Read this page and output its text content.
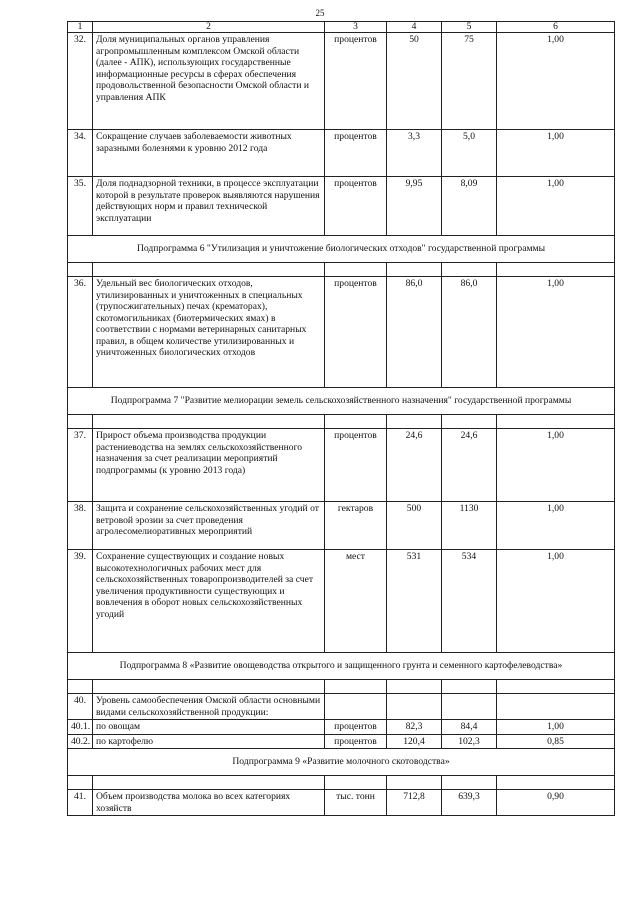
25
1	2	3	4	5	6
32.	Доля муниципальных органов управления агропромышленным комплексом Омской области (далее - АПК), использующих государственные информационные ресурсы в сферах обеспечения продовольственной безопасности Омской области и управления АПК	процентов	50	75	1,00
34.	Сокращение случаев заболеваемости животных заразными болезнями к уровню 2012 года	процентов	3,3	5,0	1,00
35.	Доля поднадзорной техники, в процессе эксплуатации которой в результате проверок выявляются нарушения действующих норм и правил технической эксплуатации	процентов	9,95	8,09	1,00
Подпрограмма 6 "Утилизация и уничтожение биологических отходов" государственной программы					

36.	Удельный вес биологических отходов, утилизированных и уничтоженных в специальных (трупосжигательных) печах (крематорах), скотомогильниках (биотермических ямах) в соответствии с нормами ветеринарных санитарных правил, в общем количестве утилизированных и уничтоженных биологических отходов	процентов	86,0	86,0	1,00
Подпрограмма 7 "Развитие мелиорации земель сельскохозяйственного назначения" государственной программы					

37.	Прирост объема производства продукции растениеводства на землях сельскохозяйственного назначения за счет реализации мероприятий подпрограммы (к уровню 2013 года)	процентов	24,6	24,6	1,00
38.	Защита и сохранение сельскохозяйственных угодий от ветровой эрозии за счет проведения агролесомелиоративных мероприятий	гектаров	500	1130	1,00
39.	Сохранение существующих и создание новых высокотехнологичных рабочих мест для сельскохозяйственных товаропроизводителей за счет увеличения продуктивности существующих и вовлечения в оборот новых сельскохозяйственных угодий	мест	531	534	1,00
Подпрограмма 8 «Развитие овощеводства открытого и защищенного грунта и семенного картофелеводства»					

40.	Уровень самообеспечения Омской области основными видами сельскохозяйственной продукции:				
40.1.	по овощам	процентов	82,3	84,4	1,00
40.2.	по картофелю	процентов	120,4	102,3	0,85
Подпрограмма 9 «Развитие молочного скотоводства»					

41.	Объем производства молока во всех категориях хозяйств	тыс. тонн	712,8	639,3	0,90
